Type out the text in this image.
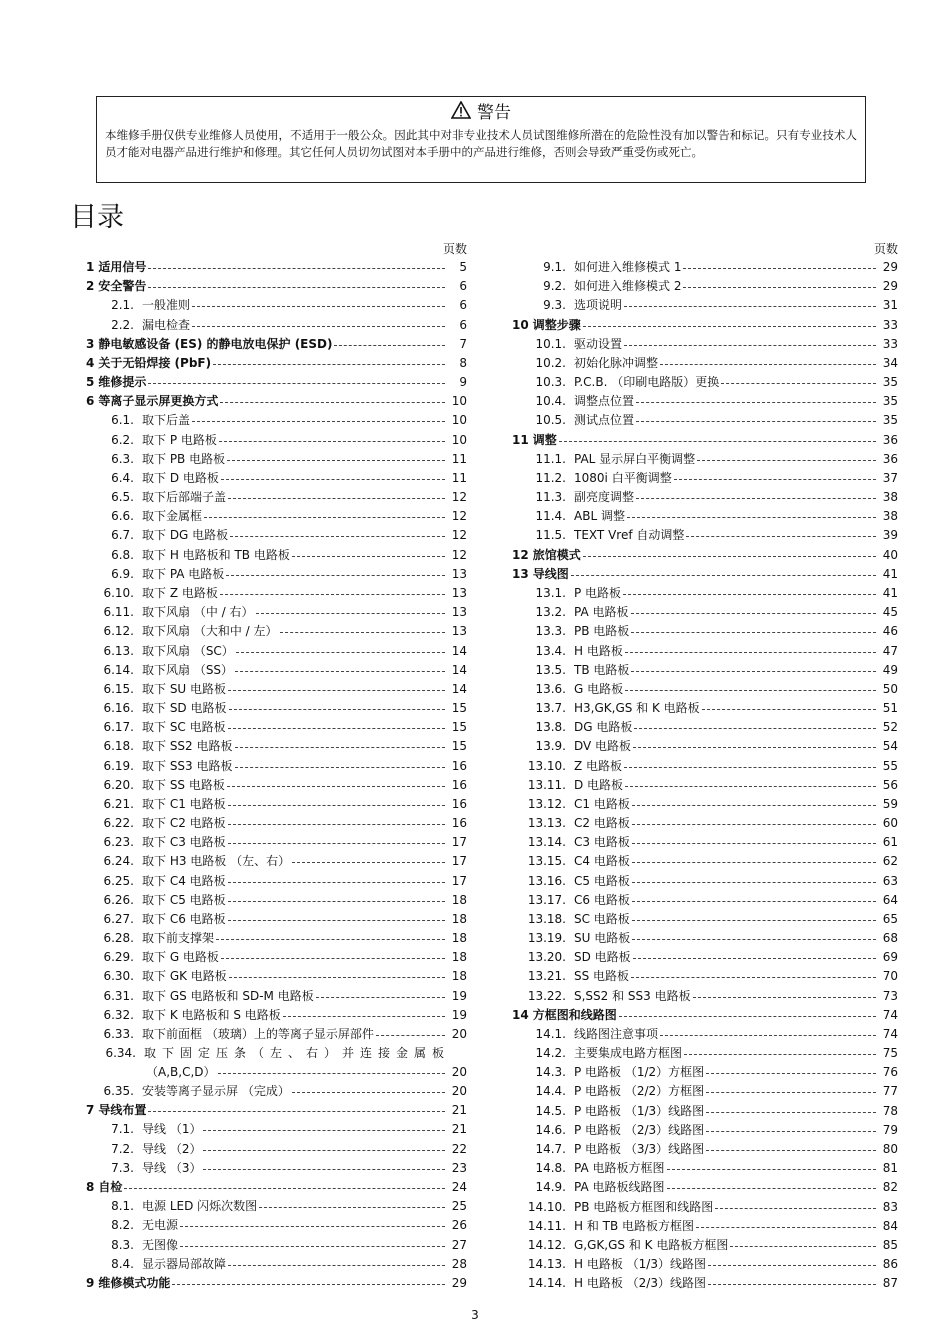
警告
本维修手册仅供专业维修人员使用，不适用于一般公众。因此其中对非专业技术人员试图维修所潜在的危险性没有加以警告和标记。只有专业技术人员才能对电器产品进行维护和修理。其它任何人员切勿试图对本手册中的产品进行维修，否则会导致严重受伤或死亡。
目录
页数
1 适用信号	5
2 安全警告	6
2.1. 一般准则	6
2.2. 漏电检查	6
3 静电敏感设备 (ES) 的静电放电保护 (ESD)	7
4 关于无铅焊接 (PbF)	8
5 维修提示	9
6 等离子显示屏更换方式	10
6.1. 取下后盖	10
6.2. 取下 P 电路板	10
6.3. 取下 PB 电路板	11
6.4. 取下 D 电路板	11
6.5. 取下后部端子盖	12
6.6. 取下金属框	12
6.7. 取下 DG 电路板	12
6.8. 取下 H 电路板和 TB 电路板	12
6.9. 取下 PA 电路板	13
6.10. 取下 Z 电路板	13
6.11. 取下风扇 （中 / 右）	13
6.12. 取下风扇 （大和中 / 左）	13
6.13. 取下风扇 （SC）	14
6.14. 取下风扇 （SS）	14
6.15. 取下 SU 电路板	14
6.16. 取下 SD 电路板	15
6.17. 取下 SC 电路板	15
6.18. 取下 SS2 电路板	15
6.19. 取下 SS3 电路板	16
6.20. 取下 SS 电路板	16
6.21. 取下 C1 电路板	16
6.22. 取下 C2 电路板	16
6.23. 取下 C3 电路板	17
6.24. 取下 H3 电路板 （左、右）	17
6.25. 取下 C4 电路板	17
6.26. 取下 C5 电路板	18
6.27. 取下 C6 电路板	18
6.28. 取下前支撑架	18
6.29. 取下 G 电路板	18
6.30. 取下 GK 电路板	18
6.31. 取下 GS 电路板和 SD-M 电路板	19
6.32. 取下 K 电路板和 S 电路板	19
6.33. 取下前面框 （玻璃）上的等离子显示屏部件	20
6.34. 取下固定压条（左、右）并连接金属板
（A,B,C,D）	20
6.35. 安装等离子显示屏 （完成）	20
7 导线布置	21
7.1. 导线 （1）	21
7.2. 导线 （2）	22
7.3. 导线 （3）	23
8 自检	24
8.1. 电源 LED 闪烁次数图	25
8.2. 无电源	26
8.3. 无图像	27
8.4. 显示器局部故障	28
9 维修模式功能	29
页数
9.1. 如何进入维修模式 1	29
9.2. 如何进入维修模式 2	29
9.3. 选项说明	31
10 调整步骤	33
10.1. 驱动设置	33
10.2. 初始化脉冲调整	34
10.3. P.C.B. （印刷电路版）更换	35
10.4. 调整点位置	35
10.5. 测试点位置	35
11 调整	36
11.1. PAL 显示屏白平衡调整	36
11.2. 1080i 白平衡调整	37
11.3. 副亮度调整	38
11.4. ABL 调整	38
11.5. TEXT Vref 自动调整	39
12 旅馆模式	40
13 导线图	41
13.1. P 电路板	41
13.2. PA 电路板	45
13.3. PB 电路板	46
13.4. H 电路板	47
13.5. TB 电路板	49
13.6. G 电路板	50
13.7. H3,GK,GS 和 K 电路板	51
13.8. DG 电路板	52
13.9. DV 电路板	54
13.10. Z 电路板	55
13.11. D 电路板	56
13.12. C1 电路板	59
13.13. C2 电路板	60
13.14. C3 电路板	61
13.15. C4 电路板	62
13.16. C5 电路板	63
13.17. C6 电路板	64
13.18. SC 电路板	65
13.19. SU 电路板	68
13.20. SD 电路板	69
13.21. SS 电路板	70
13.22. S,SS2 和 SS3 电路板	73
14 方框图和线路图	74
14.1. 线路图注意事项	74
14.2. 主要集成电路方框图	75
14.3. P 电路板 （1/2）方框图	76
14.4. P 电路板 （2/2）方框图	77
14.5. P 电路板 （1/3）线路图	78
14.6. P 电路板 （2/3）线路图	79
14.7. P 电路板 （3/3）线路图	80
14.8. PA 电路板方框图	81
14.9. PA 电路板线路图	82
14.10. PB 电路板方框图和线路图	83
14.11. H 和 TB 电路板方框图	84
14.12. G,GK,GS 和 K 电路板方框图	85
14.13. H 电路板 （1/3）线路图	86
14.14. H 电路板 （2/3）线路图	87
3
